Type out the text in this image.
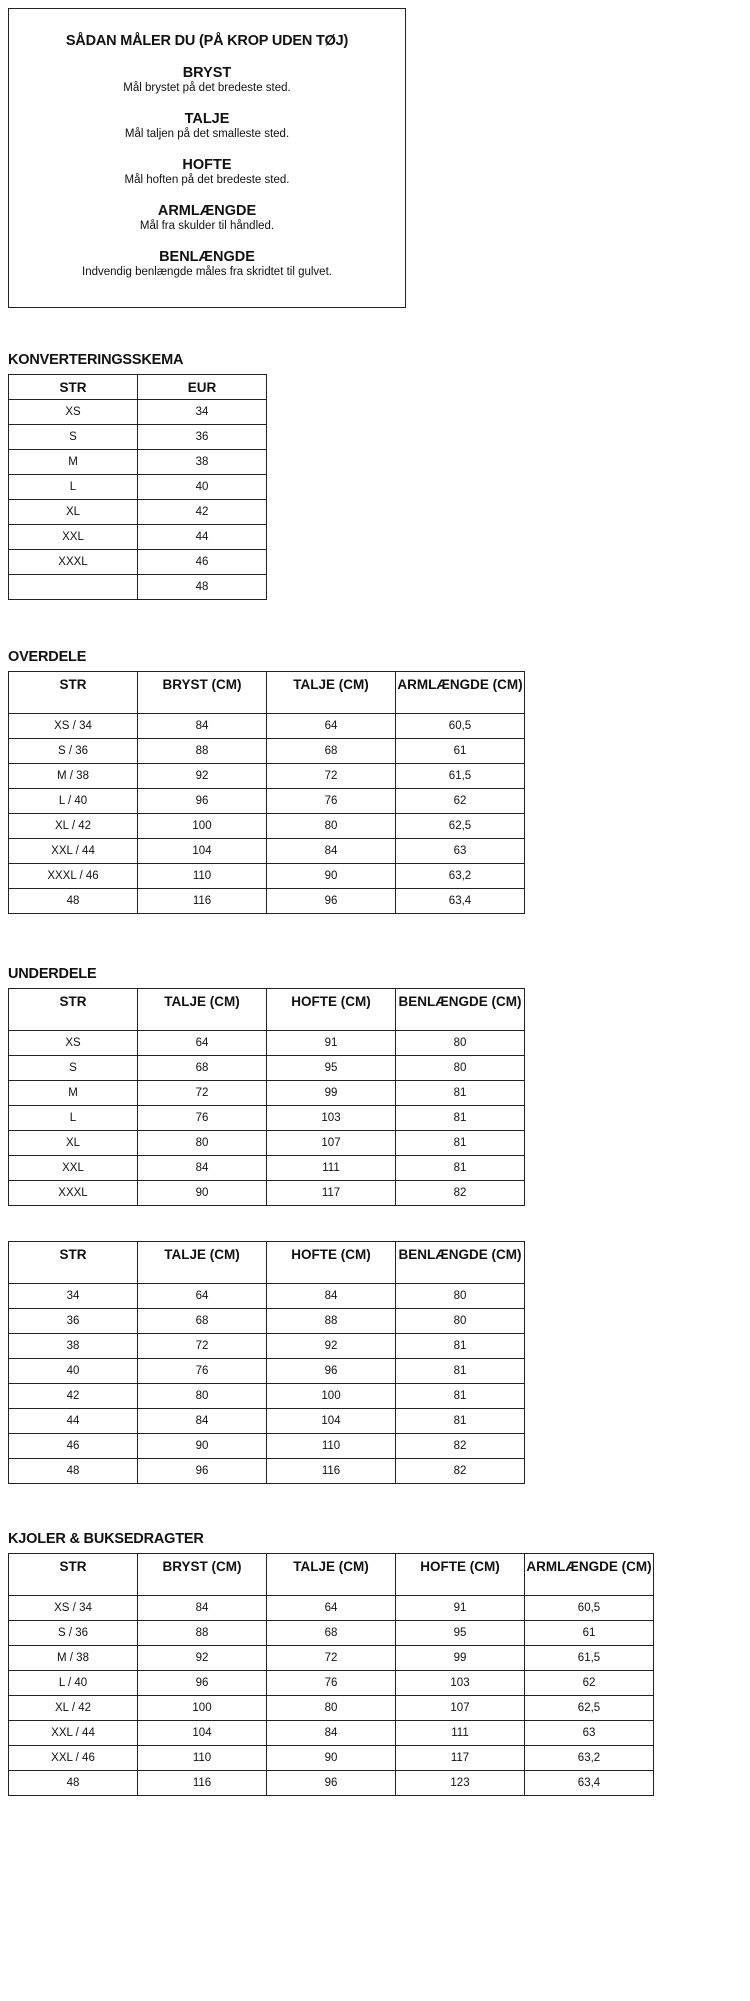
SÅDAN MÅLER DU (PÅ KROP UDEN TØJ)
BRYST
Mål brystet på det bredeste sted.
TALJE
Mål taljen på det smalleste sted.
HOFTE
Mål hoften på det bredeste sted.
ARMLÆNGDE
Mål fra skulder til håndled.
BENLÆNGDE
Indvendig benlængde måles fra skridtet til gulvet.
KONVERTERINGSSKEMA
STR	EUR
XS	34
S	36
M	38
L	40
XL	42
XXL	44
XXXL	46
	48
OVERDELE
STR	BRYST (CM)	TALJE (CM)	ARMLÆNGDE (CM)
XS / 34	84	64	60,5
S / 36	88	68	61
M / 38	92	72	61,5
L / 40	96	76	62
XL / 42	100	80	62,5
XXL / 44	104	84	63
XXXL / 46	110	90	63,2
48	116	96	63,4
UNDERDELE
STR	TALJE (CM)	HOFTE (CM)	BENLÆNGDE (CM)
XS	64	91	80
S	68	95	80
M	72	99	81
L	76	103	81
XL	80	107	81
XXL	84	111	81
XXXL	90	117	82
STR	TALJE (CM)	HOFTE (CM)	BENLÆNGDE (CM)
34	64	84	80
36	68	88	80
38	72	92	81
40	76	96	81
42	80	100	81
44	84	104	81
46	90	110	82
48	96	116	82
KJOLER & BUKSEDRAGTER
STR	BRYST (CM)	TALJE (CM)	HOFTE (CM)	ARMLÆNGDE (CM)
XS / 34	84	64	91	60,5
S / 36	88	68	95	61
M / 38	92	72	99	61,5
L / 40	96	76	103	62
XL / 42	100	80	107	62,5
XXL / 44	104	84	111	63
XXL / 46	110	90	117	63,2
48	116	96	123	63,4
